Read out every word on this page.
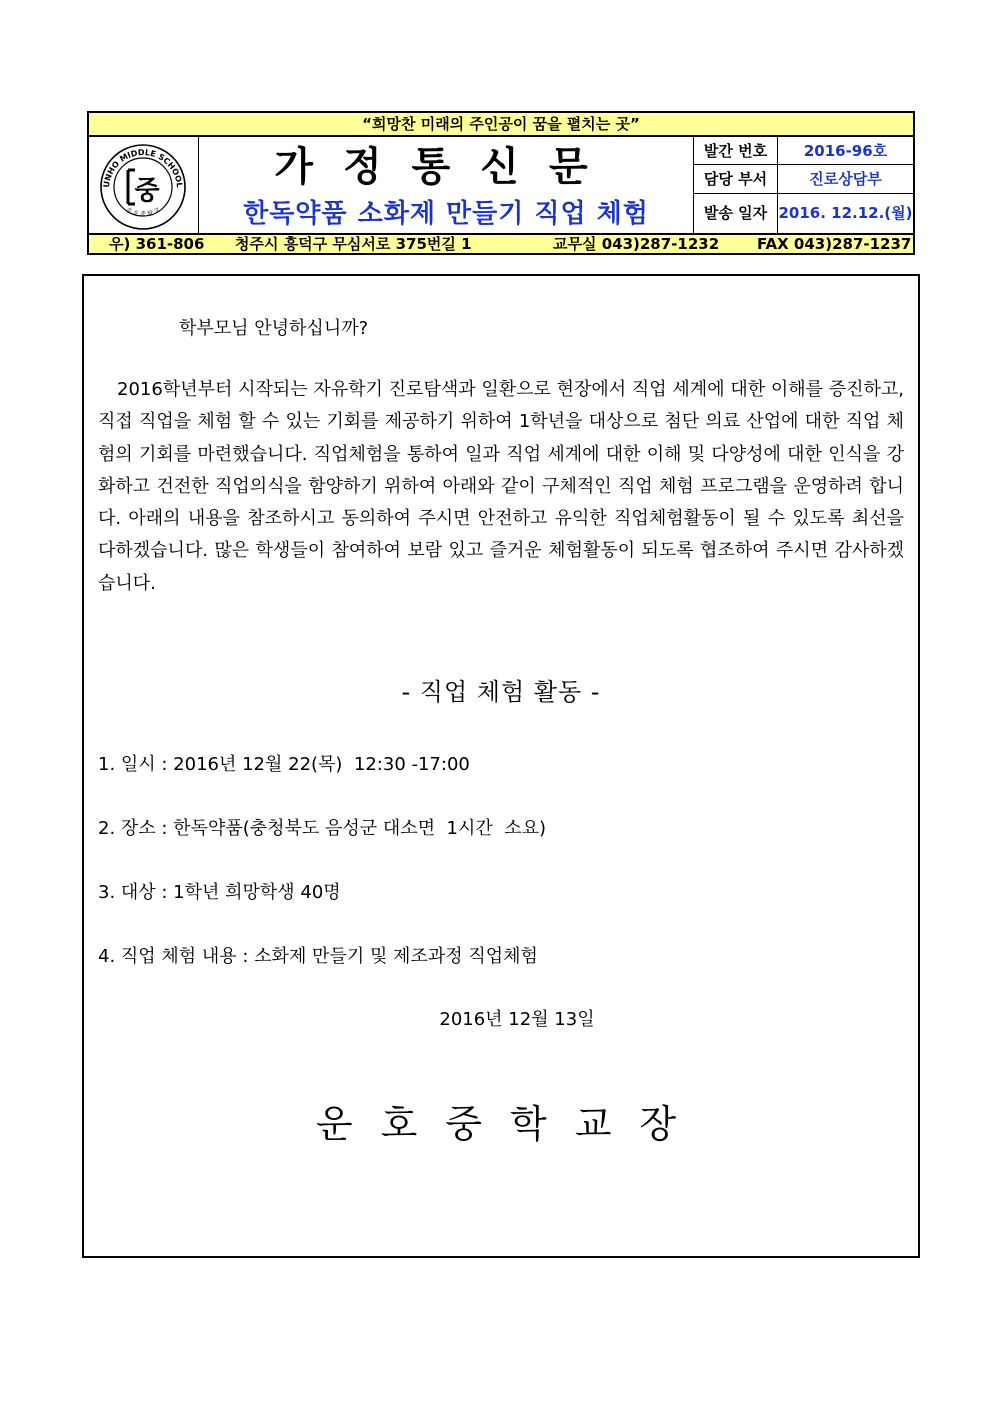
“희망찬 미래의 주인공이 꿈을 펼치는 곳”
UNHO MIDDLE SCHOOL
운 호 중 학 교
중
가정통신문
한독약품 소화제 만들기 직업 체험
발간 번호	2016-96호
담당 부서	진로상담부
발송 일자 2016. 12.12.(월)
우) 361-806 청주시 흥덕구 무심서로 375번길 1	교무실 043)287-1232	FAX 043)287-1237
학부모님 안녕하십니까?
2016학년부터 시작되는 자유학기 진로탐색과 일환으로 현장에서 직업 세계에 대한 이해를 증진하고, 직접 직업을 체험 할 수 있는 기회를 제공하기 위하여 1학년을 대상으로 첨단 의료 산업에 대한 직업 체험의 기회를 마련했습니다. 직업체험을 통하여 일과 직업 세계에 대한 이해 및 다양성에 대한 인식을 강화하고 건전한 직업의식을 함양하기 위하여 아래와 같이 구체적인 직업 체험 프로그램을 운영하려 합니다. 아래의 내용을 참조하시고 동의하여 주시면 안전하고 유익한 직업체험활동이 될 수 있도록 최선을 다하겠습니다. 많은 학생들이 참여하여 보람 있고 즐거운 체험활동이 되도록 협조하여 주시면 감사하겠습니다.
- 직업 체험 활동 -
1. 일시 : 2016년 12월 22(목)  12:30 -17:00
2. 장소 : 한독약품(충청북도 음성군 대소면  1시간  소요)
3. 대상 : 1학년 희망학생 40명
4. 직업 체험 내용 : 소화제 만들기 및 제조과정 직업체험
2016년 12월 13일
운호중학교장
